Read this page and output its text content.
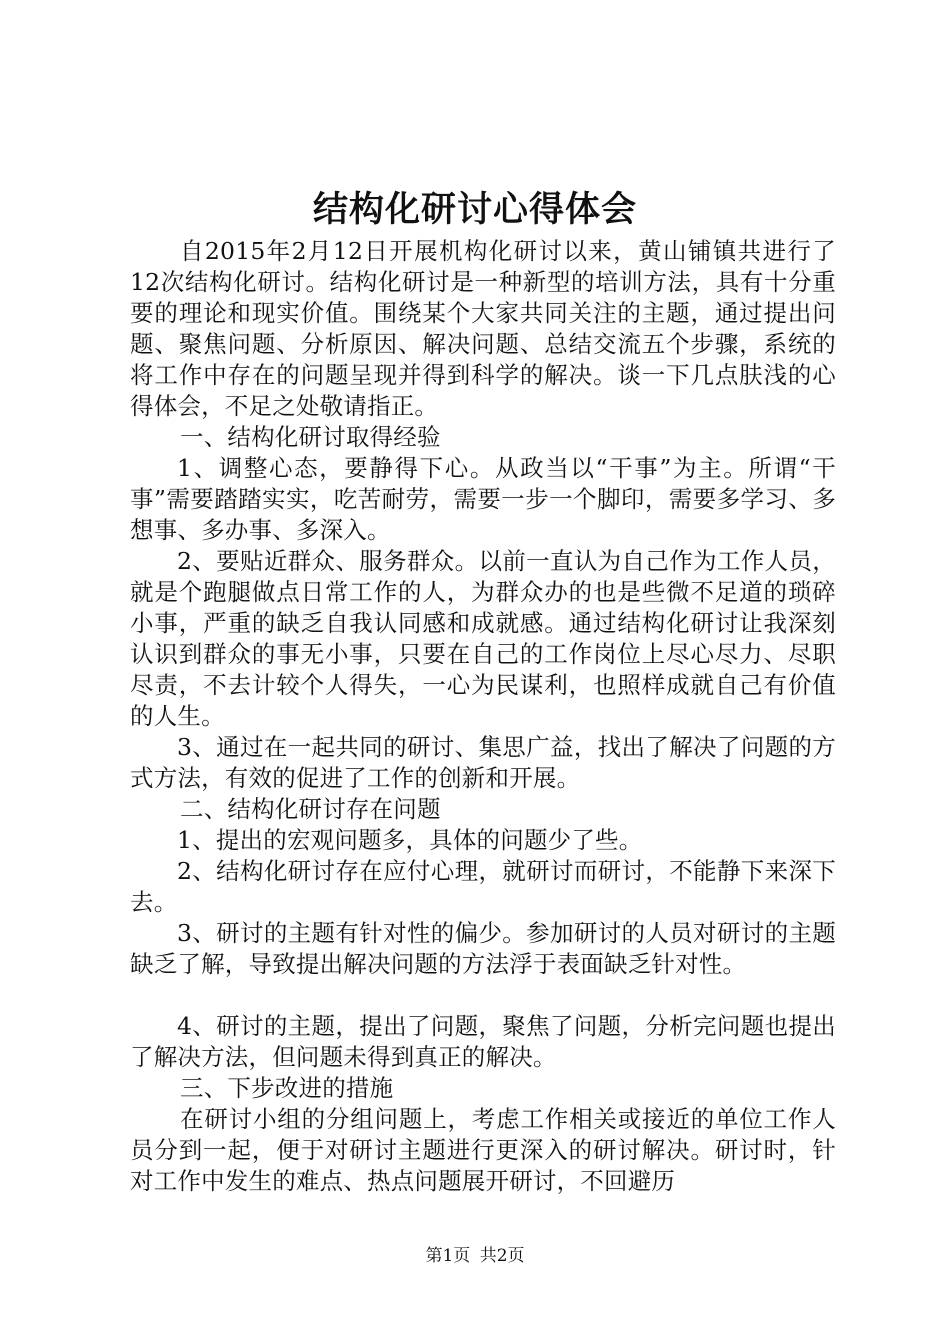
结构化研讨心得体会

自2015年2月12日开展机构化研讨以来，黄山铺镇共进行了12次结构化研讨。结构化研讨是一种新型的培训方法，具有十分重要的理论和现实价值。围绕某个大家共同关注的主题，通过提出问题、聚焦问题、分析原因、解决问题、总结交流五个步骤，系统的将工作中存在的问题呈现并得到科学的解决。谈一下几点肤浅的心得体会，不足之处敬请指正。

一、结构化研讨取得经验

1、调整心态，要静得下心。从政当以“干事”为主。所谓“干事”需要踏踏实实，吃苦耐劳，需要一步一个脚印，需要多学习、多想事、多办事、多深入。

2、要贴近群众、服务群众。以前一直认为自己作为工作人员，就是个跑腿做点日常工作的人，为群众办的也是些微不足道的琐碎小事，严重的缺乏自我认同感和成就感。通过结构化研讨让我深刻认识到群众的事无小事，只要在自己的工作岗位上尽心尽力、尽职尽责，不去计较个人得失，一心为民谋利，也照样成就自己有价值的人生。

3、通过在一起共同的研讨、集思广益，找出了解决了问题的方式方法，有效的促进了工作的创新和开展。

二、结构化研讨存在问题

1、提出的宏观问题多，具体的问题少了些。

2、结构化研讨存在应付心理，就研讨而研讨，不能静下来深下去。

3、研讨的主题有针对性的偏少。参加研讨的人员对研讨的主题缺乏了解，导致提出解决问题的方法浮于表面缺乏针对性。

4、研讨的主题，提出了问题，聚焦了问题，分析完问题也提出了解决方法，但问题未得到真正的解决。

三、下步改进的措施

在研讨小组的分组问题上，考虑工作相关或接近的单位工作人员分到一起，便于对研讨主题进行更深入的研讨解决。研讨时，针对工作中发生的难点、热点问题展开研讨，不回避历

第1页 共2页
